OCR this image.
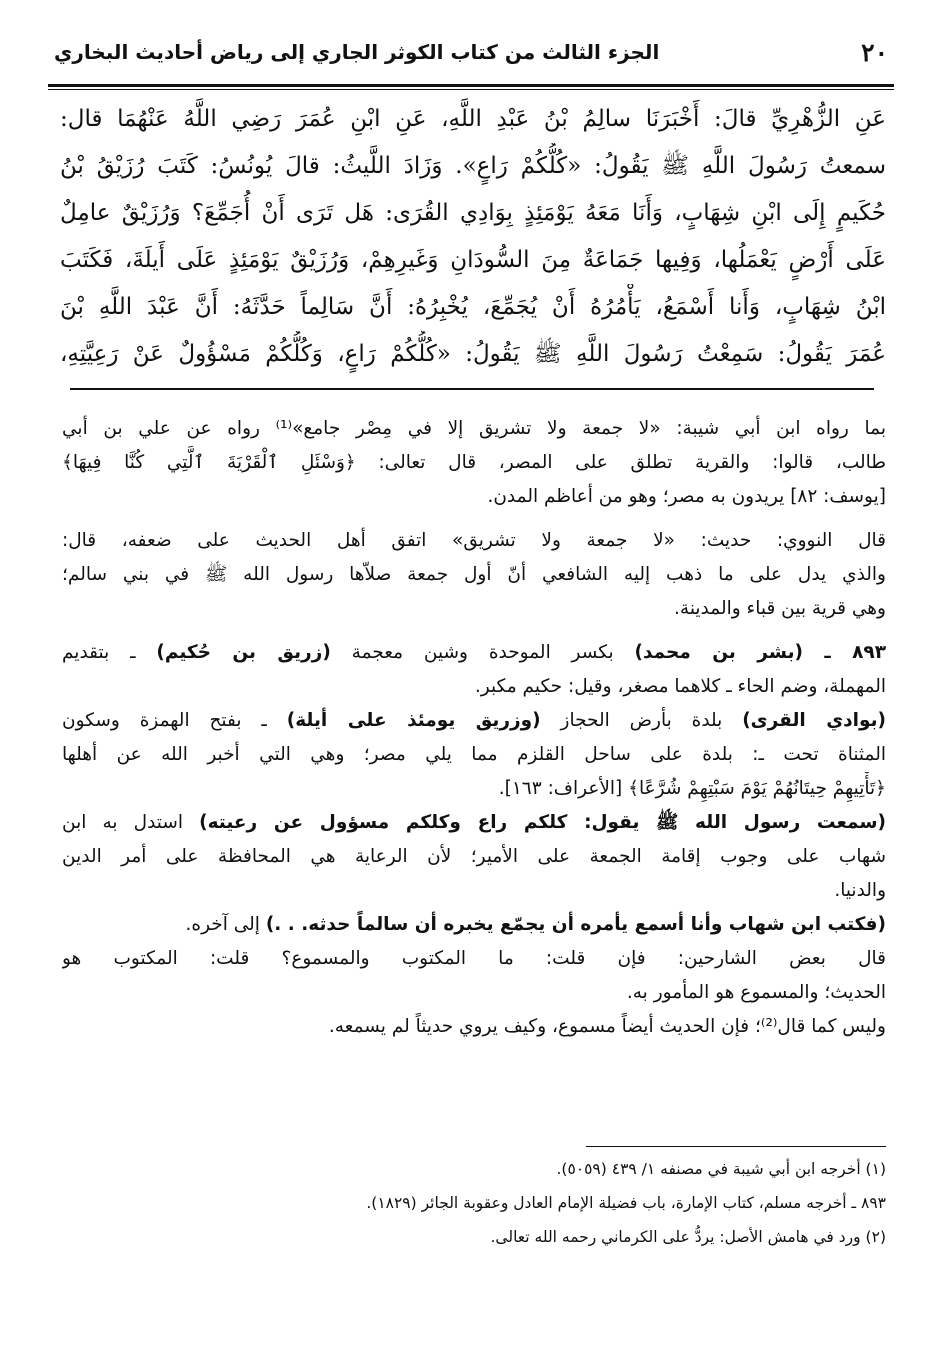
٢٠
الجزء الثالث من كتاب الكوثر الجاري إلى رياض أحاديث البخاري
عَنِ الزُّهْرِيِّ قالَ: أَخْبَرَنَا سالِمُ بْنُ عَبْدِ اللَّهِ، عَنِ ابْنِ عُمَرَ رَضِي اللَّهُ عَنْهُمَا قال:
سمعتُ رَسُولَ اللَّهِ ﷺ يَقُولُ: «كُلُّكُمْ رَاعٍ». وَزَادَ اللَّيثُ: قالَ يُونُسُ: كَتَبَ رُزَيْقُ بْنُ
حُكَيمٍ إِلَى ابْنِ شِهَابٍ، وَأَنَا مَعَهُ يَوْمَئِذٍ بِوَادِي القُرَى: هَل تَرَى أَنْ أُجَمِّعَ؟ وَرُزَيْقٌ عامِلٌ
عَلَى أَرْضٍ يَعْمَلُها، وَفِيها جَمَاعَةٌ مِنَ السُّودَانِ وَغَيرِهِمْ، وَرُزَيْقٌ يَوْمَئِذٍ عَلَى أَيلَةَ، فَكَتَبَ
ابْنُ شِهَابٍ، وَأَنا أَسْمَعُ، يَأْمُرُهُ أَنْ يُجَمِّعَ، يُخْبِرُهُ: أَنَّ سَالِماً حَدَّثَهُ: أَنَّ عَبْدَ اللَّهِ بْنَ
عُمَرَ يَقُولُ: سَمِعْتُ رَسُولَ اللَّهِ ﷺ يَقُولُ: «كُلُّكُمْ رَاعٍ، وَكُلُّكُمْ مَسْؤُولٌ عَنْ رَعِيَّتِهِ،
بما رواه ابن أبي شيبة: «لا جمعة ولا تشريق إلا في مِصْر جامع»⁽¹⁾ رواه عن علي بن أبي
طالب، قالوا: والقرية تطلق على المصر، قال تعالى: ﴿وَسْئَلِ ٱلْقَرْيَةَ ٱلَّتِي كُنَّا فِيهَا﴾
[يوسف: ٨٢] يريدون به مصر؛ وهو من أعاظم المدن.
قال النووي: حديث: «لا جمعة ولا تشريق» اتفق أهل الحديث على ضعفه، قال:
والذي يدل على ما ذهب إليه الشافعي أنّ أول جمعة صلاّها رسول الله ﷺ في بني سالم؛
وهي قرية بين قباء والمدينة.
٨٩٣ ـ (بشر بن محمد) بكسر الموحدة وشين معجمة (زريق بن حُكيم) ـ بتقديم
المهملة، وضم الحاء ـ كلاهما مصغر، وقيل: حكيم مكبر.
(بوادي القرى) بلدة بأرض الحجاز (وزريق يومئذ على أيلة) ـ بفتح الهمزة وسكون
المثناة تحت ـ: بلدة على ساحل القلزم مما يلي مصر؛ وهي التي أخبر الله عن أهلها
﴿تَأْتِيهِمْ حِيتَانُهُمْ يَوْمَ سَبْتِهِمْ شُرَّعًا﴾ [الأعراف: ١٦٣].
(سمعت رسول الله ﷺ يقول: كلكم راع وكلكم مسؤول عن رعيته) استدل به ابن
شهاب على وجوب إقامة الجمعة على الأمير؛ لأن الرعاية هي المحافظة على أمر الدين
والدنيا.
(فكتب ابن شهاب وأنا أسمع يأمره أن يجمّع يخبره أن سالماً حدثه. . .) إلى آخره.
قال بعض الشارحين: فإن قلت: ما المكتوب والمسموع؟ قلت: المكتوب هو
الحديث؛ والمسموع هو المأمور به.
وليس كما قال⁽²⁾؛ فإن الحديث أيضاً مسموع، وكيف يروي حديثاً لم يسمعه.
(١) أخرجه ابن أبي شيبة في مصنفه ١/ ٤٣٩ (٥٠٥٩).
٨٩٣ ـ أخرجه مسلم، كتاب الإمارة، باب فضيلة الإمام العادل وعقوبة الجائر (١٨٢٩).
(٢) ورد في هامش الأصل: يردُّ على الكرماني رحمه الله تعالى.
